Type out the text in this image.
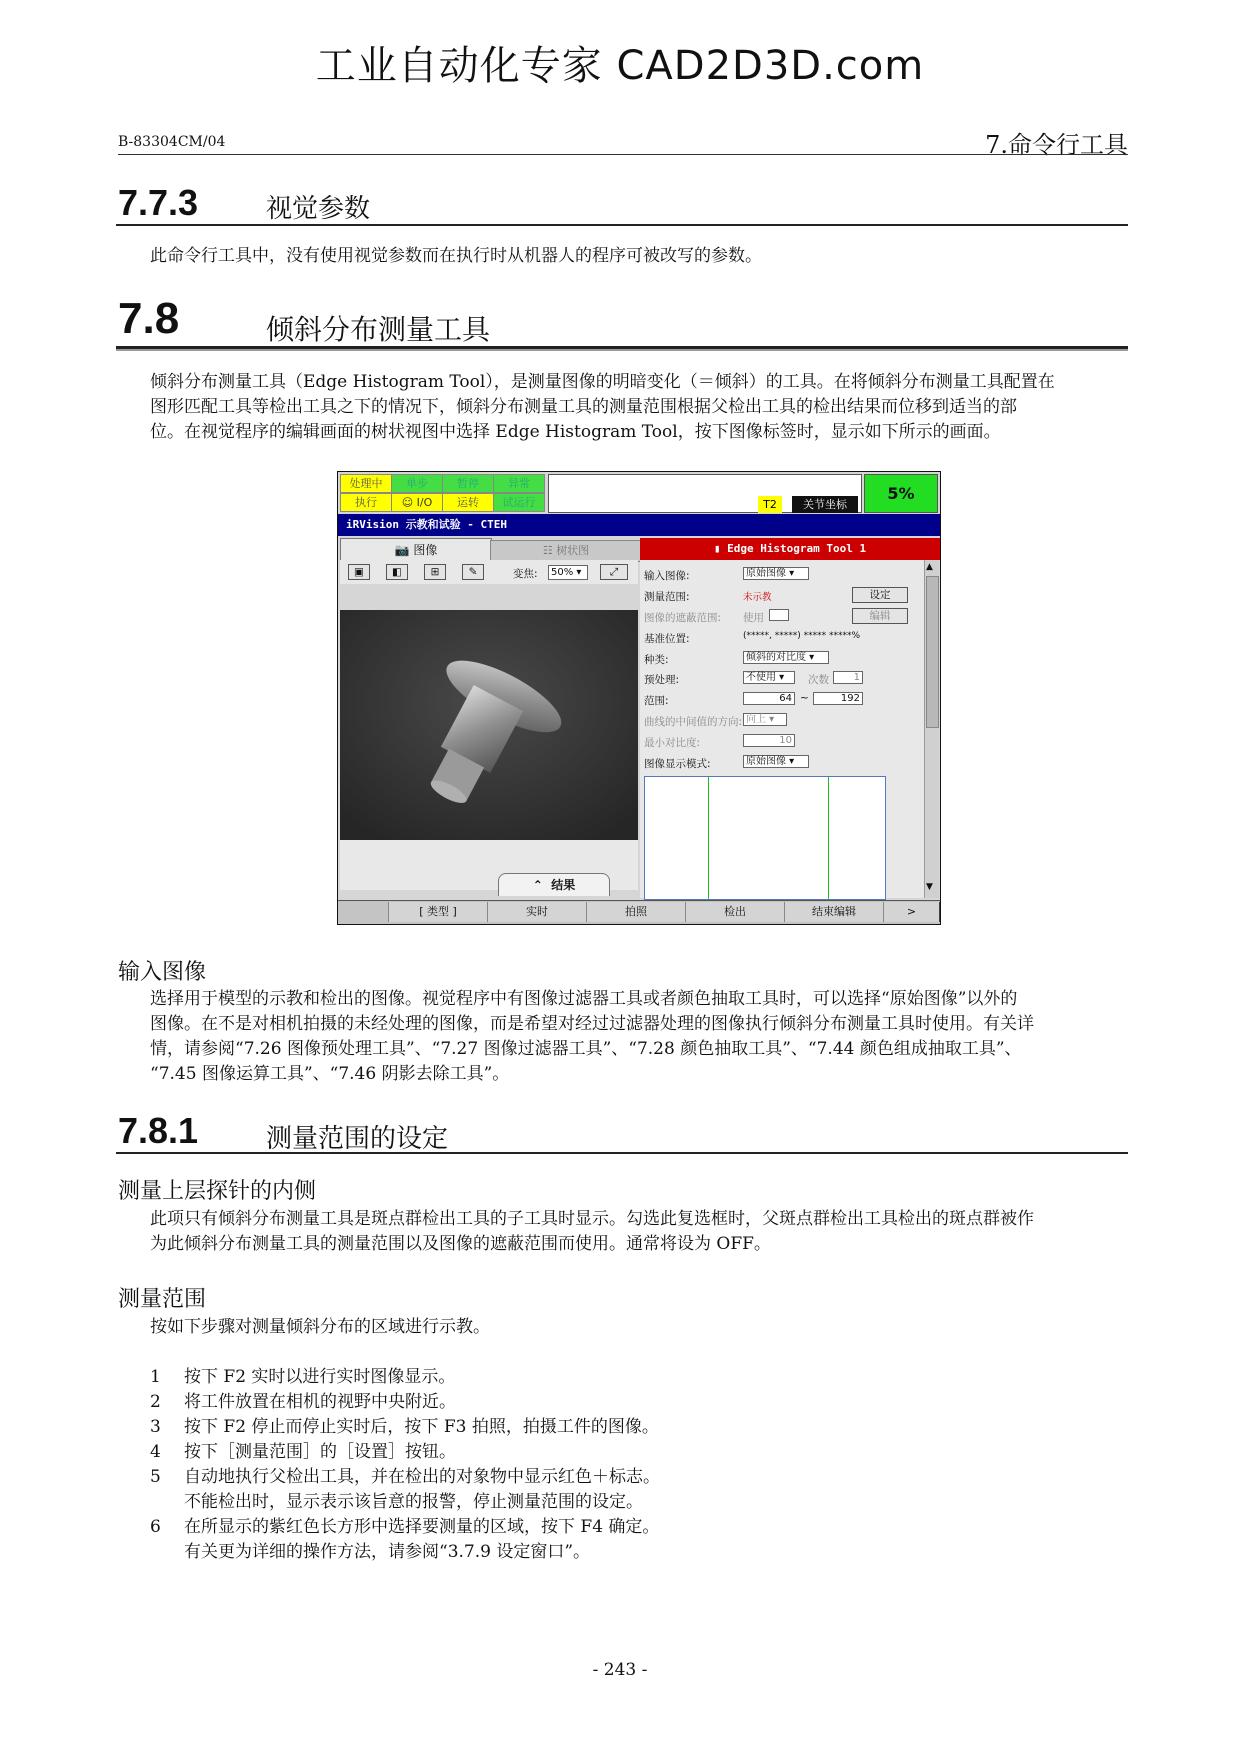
工业自动化专家 CAD2D3D.com
B-83304CM/04	7.命令行工具
7.7.3	视觉参数
此命令行工具中，没有使用视觉参数而在执行时从机器人的程序可被改写的参数。
7.8	倾斜分布测量工具
倾斜分布测量工具（Edge Histogram Tool），是测量图像的明暗变化（＝倾斜）的工具。在将倾斜分布测量工具配置在
图形匹配工具等检出工具之下的情况下，倾斜分布测量工具的测量范围根据父检出工具的检出结果而位移到适当的部
位。在视觉程序的编辑画面的树状视图中选择 Edge Histogram Tool，按下图像标签时，显示如下所示的画面。
处理中	单步	暂停	异常
执行	☺ I/O	运转	试运行	T2	关节坐标
5%
iRVision 示教和试验 - CTEH
📷 图像	☷ 树状图
▣	◧	⊞	✎	变焦:	50% ▾	⤢
⌃ 结果
▮ Edge Histogram Tool 1
▲
▼
输入图像:	原始图像 ▾
测量范围:	未示教	设定
图像的遮蔽范围: 使用	编辑
基准位置:	(*****, *****) ***** *****%
种类:	倾斜的对比度 ▾
预处理:	不使用 ▾	次数	1
范围:	64 ~	192
曲线的中间值的方向: 向上 ▾
最小对比度:	10
图像显示模式:	原始图像 ▾
[ 类型 ]	实时	拍照	检出	结束编辑	>
输入图像
选择用于模型的示教和检出的图像。视觉程序中有图像过滤器工具或者颜色抽取工具时，可以选择“原始图像”以外的
图像。在不是对相机拍摄的未经处理的图像，而是希望对经过过滤器处理的图像执行倾斜分布测量工具时使用。有关详
情，请参阅“7.26 图像预处理工具”、“7.27 图像过滤器工具”、“7.28 颜色抽取工具”、“7.44 颜色组成抽取工具”、
“7.45 图像运算工具”、“7.46 阴影去除工具”。
7.8.1	测量范围的设定
测量上层探针的内侧
此项只有倾斜分布测量工具是斑点群检出工具的子工具时显示。勾选此复选框时，父斑点群检出工具检出的斑点群被作
为此倾斜分布测量工具的测量范围以及图像的遮蔽范围而使用。通常将设为 OFF。
测量范围
按如下步骤对测量倾斜分布的区域进行示教。
1 按下 F2 实时以进行实时图像显示。
2 将工件放置在相机的视野中央附近。
3 按下 F2 停止而停止实时后，按下 F3 拍照，拍摄工件的图像。
4 按下［测量范围］的［设置］按钮。
5 自动地执行父检出工具，并在检出的对象物中显示红色＋标志。
不能检出时，显示表示该旨意的报警，停止测量范围的设定。
6 在所显示的紫红色长方形中选择要测量的区域，按下 F4 确定。
有关更为详细的操作方法，请参阅“3.7.9 设定窗口”。
- 243 -
